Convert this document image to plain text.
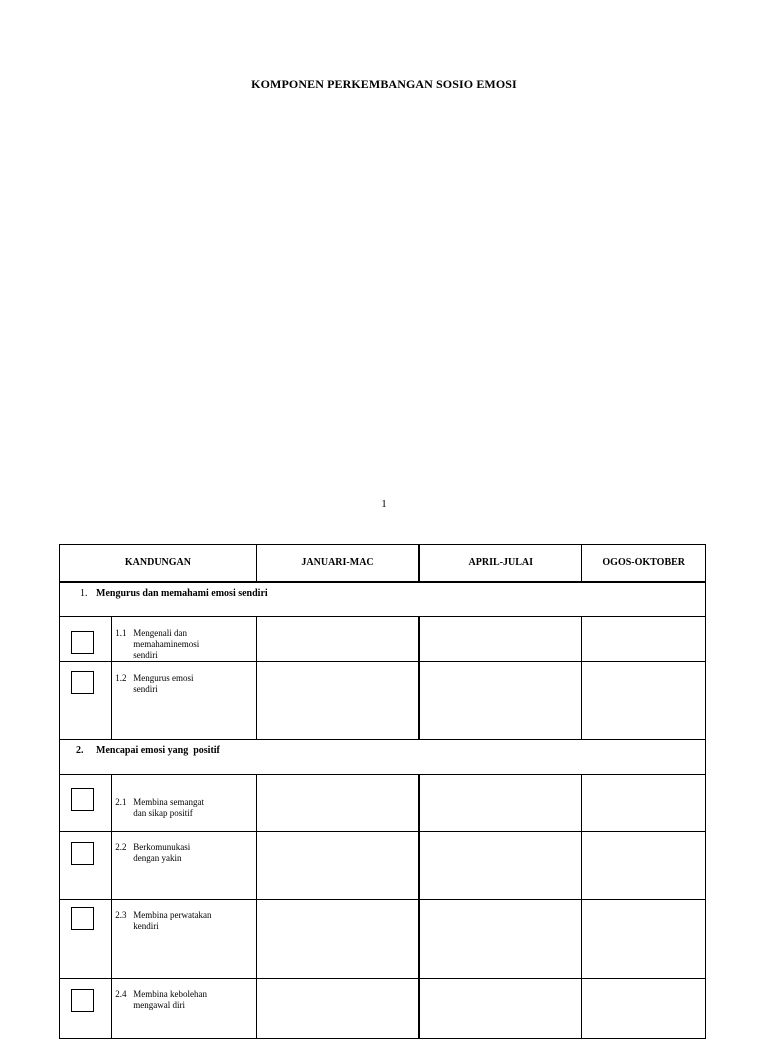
KOMPONEN PERKEMBANGAN SOSIO EMOSI
1
KANDUNGAN		JANUARI-MAC	APRIL-JULAI	OGOS-OKTOBER
1. Mengurus dan memahami emosi sendiri				

	1.1 Mengenali dan memahaminemosi sendiri			

	1.2 Mengurus emosi sendiri			

2. Mencapai emosi yang  positif				

	2.1 Membina semangat dan sikap positif			

	2.2 Berkomunukasi dengan yakin			

	2.3 Membina perwatakan kendiri			

	2.4 Membina kebolehan mengawal diri			
